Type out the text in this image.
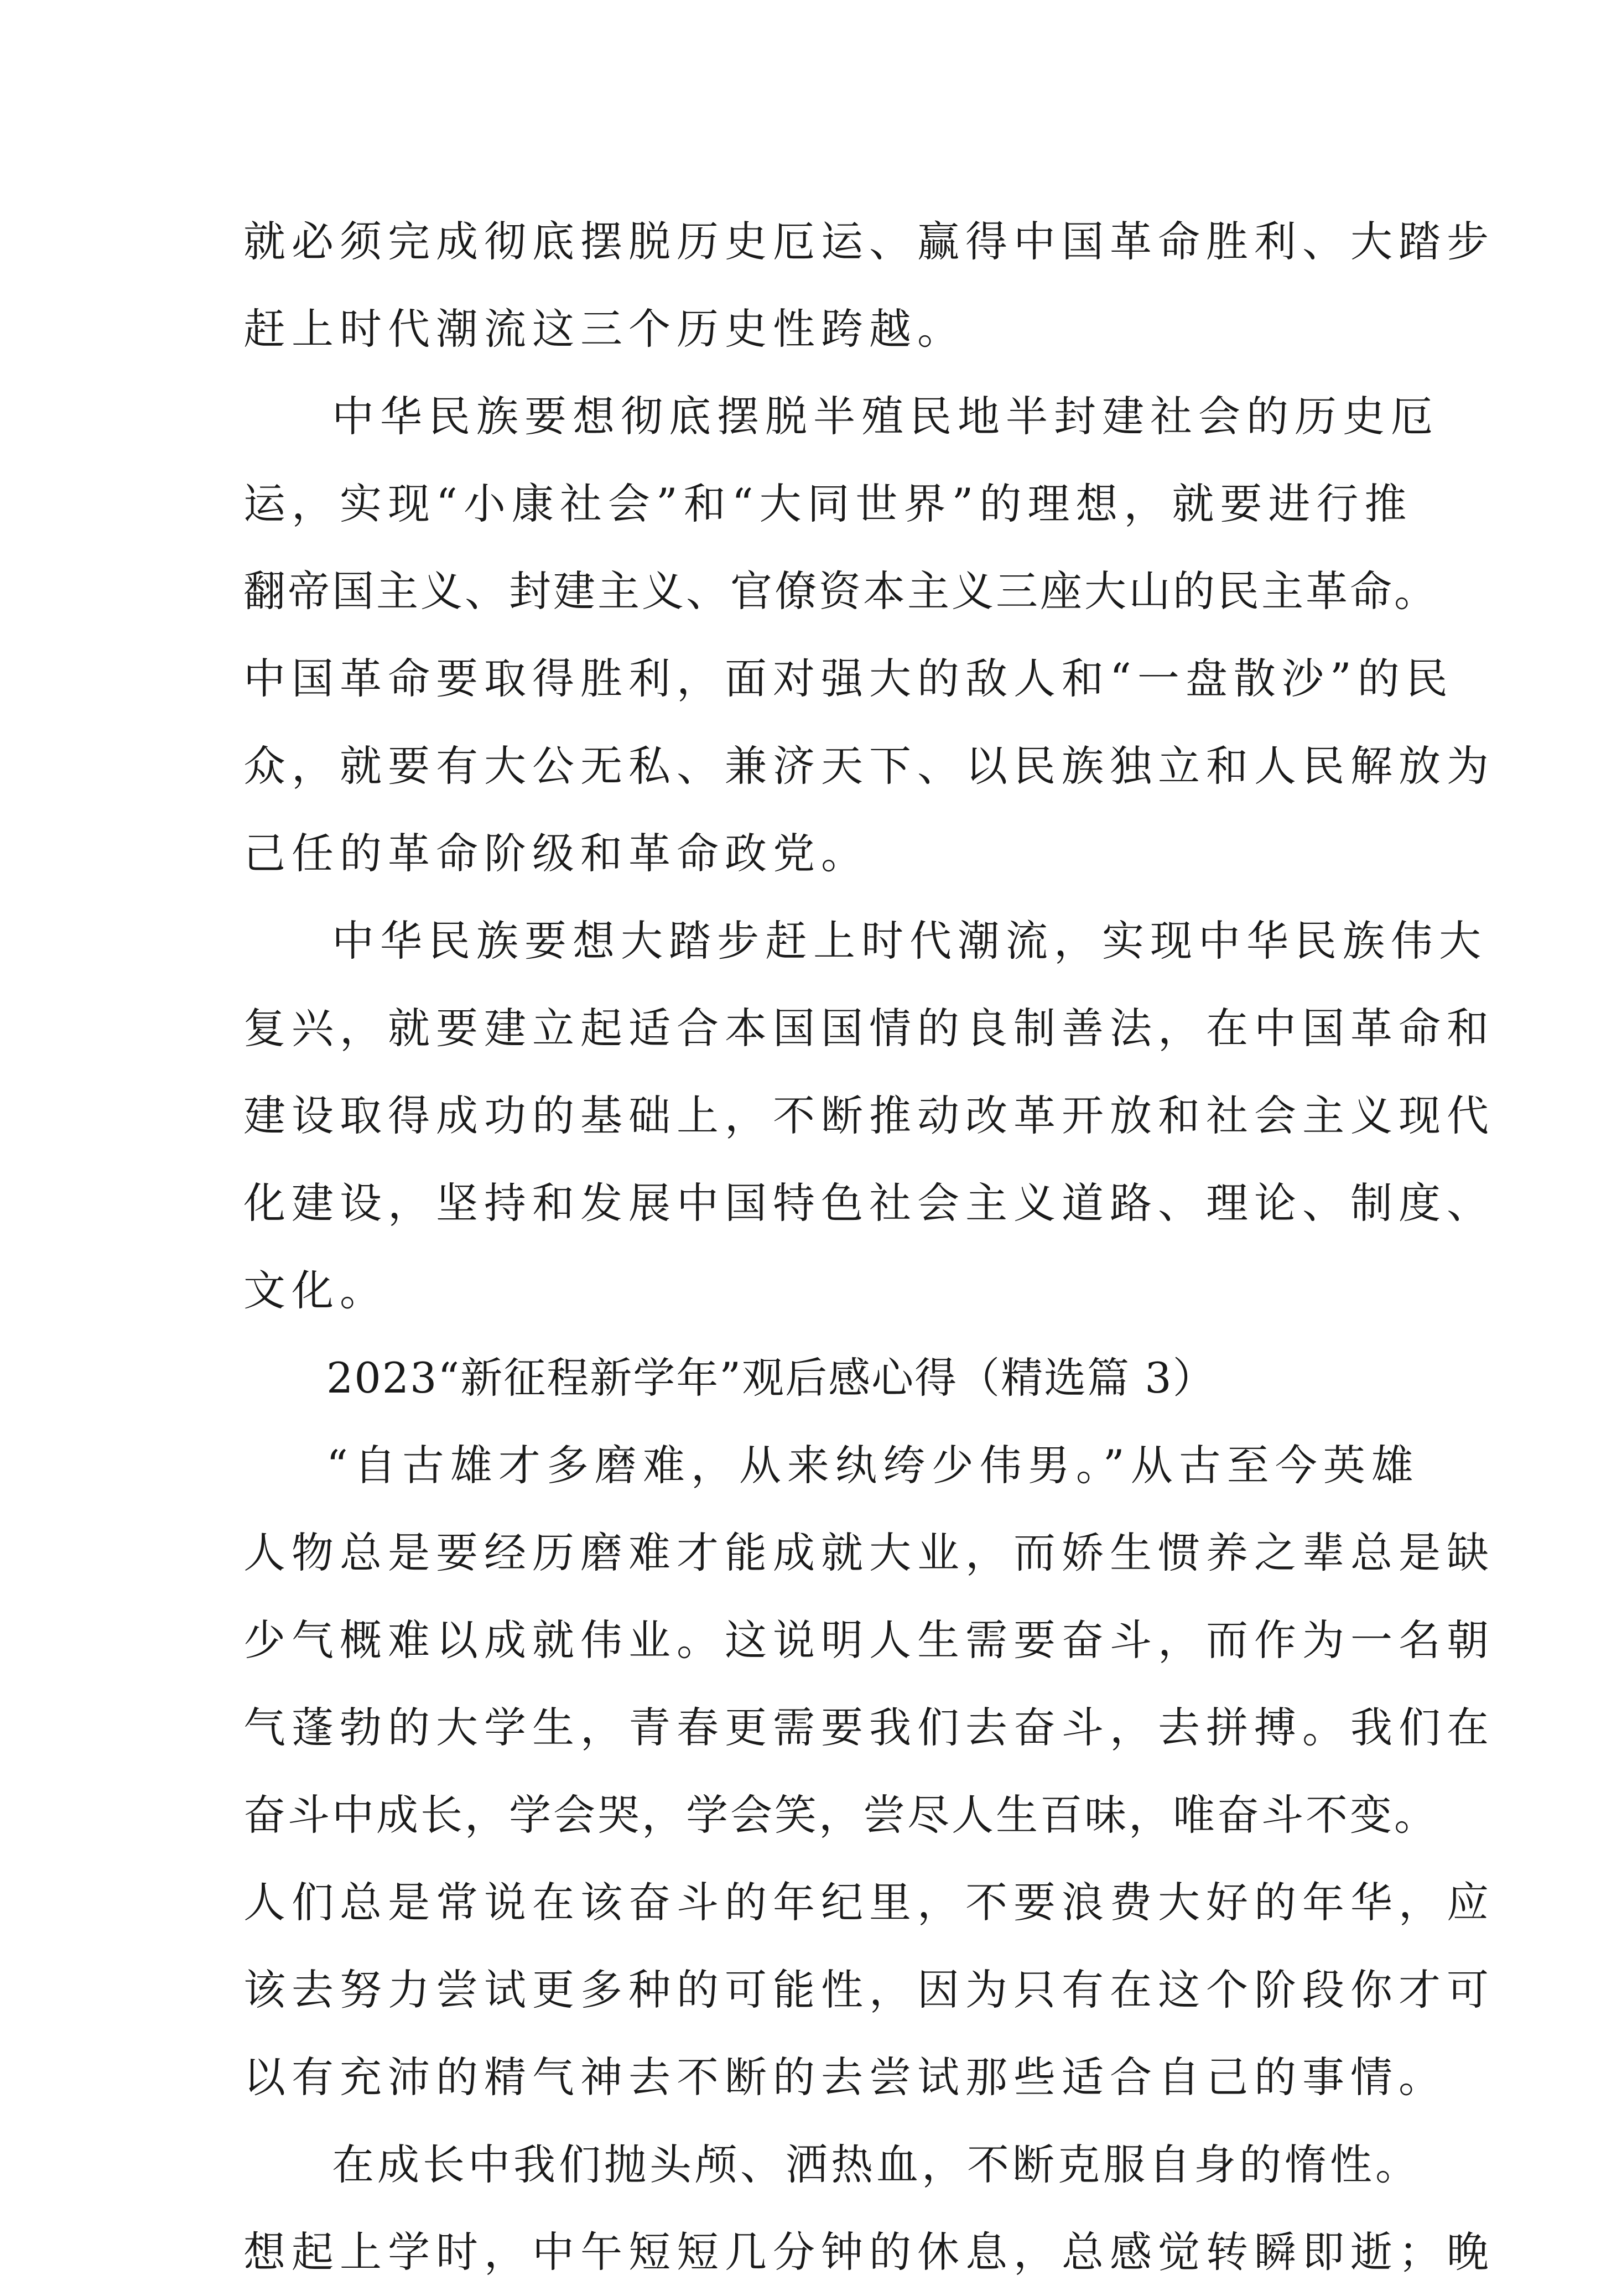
就必须完成彻底摆脱历史厄运、赢得中国革命胜利、大踏步
赶上时代潮流这三个历史性跨越。
中华民族要想彻底摆脱半殖民地半封建社会的历史厄
运，实现“小康社会”和“大同世界”的理想，就要进行推
翻帝国主义、封建主义、官僚资本主义三座大山的民主革命。
中国革命要取得胜利，面对强大的敌人和“一盘散沙”的民
众，就要有大公无私、兼济天下、以民族独立和人民解放为
己任的革命阶级和革命政党。
中华民族要想大踏步赶上时代潮流，实现中华民族伟大
复兴，就要建立起适合本国国情的良制善法，在中国革命和
建设取得成功的基础上，不断推动改革开放和社会主义现代
化建设，坚持和发展中国特色社会主义道路、理论、制度、
文化。
2023“新征程新学年”观后感心得（精选篇 3）
“自古雄才多磨难，从来纨绔少伟男。”从古至今英雄
人物总是要经历磨难才能成就大业，而娇生惯养之辈总是缺
少气概难以成就伟业。这说明人生需要奋斗，而作为一名朝
气蓬勃的大学生，青春更需要我们去奋斗，去拼搏。我们在
奋斗中成长，学会哭，学会笑，尝尽人生百味，唯奋斗不变。
人们总是常说在该奋斗的年纪里，不要浪费大好的年华，应
该去努力尝试更多种的可能性，因为只有在这个阶段你才可
以有充沛的精气神去不断的去尝试那些适合自己的事情。
在成长中我们抛头颅、洒热血，不断克服自身的惰性。
想起上学时，中午短短几分钟的休息，总感觉转瞬即逝；晚
